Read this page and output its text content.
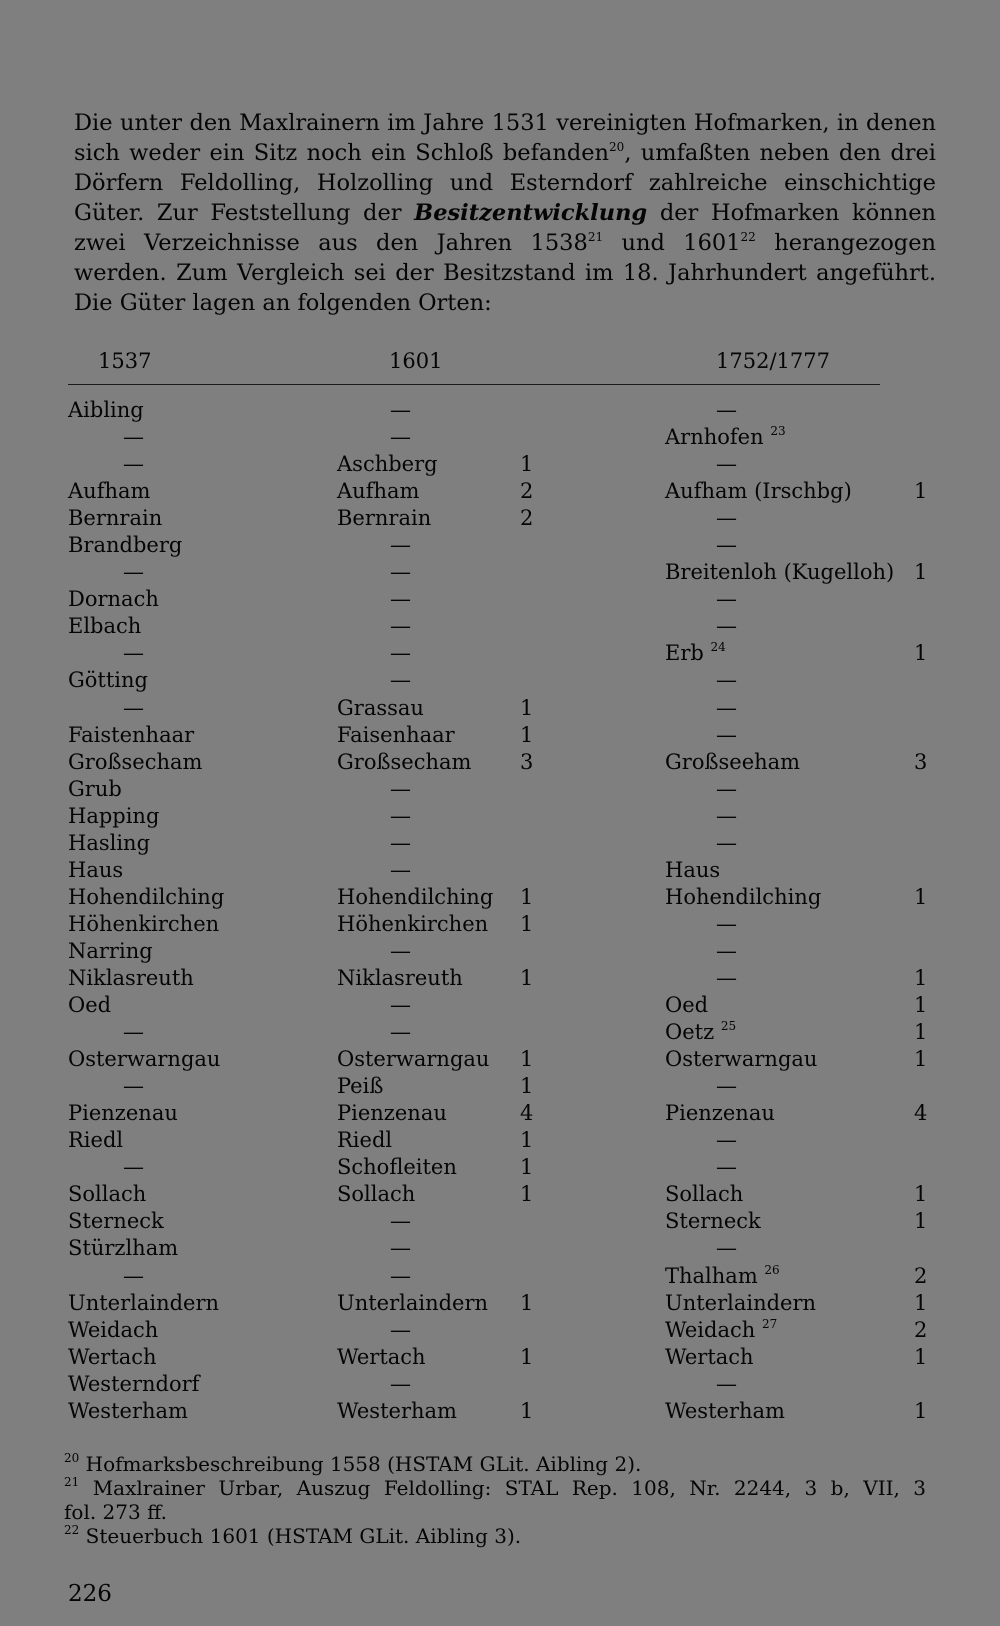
Die unter den Maxlrainern im Jahre 1531 vereinigten Hofmarken, in denen sich weder ein Sitz noch ein Schloß befanden$^{20}$, umfaßten neben den drei Dörfern Feldolling, Holzolling und Esterndorf zahlreiche einschichtige Güter. Zur Feststellung der Besitzentwicklung der Hofmarken können zwei Verzeichnisse aus den Jahren 1538$^{21}$ und 1601$^{22}$ herangezogen werden. Zum Vergleich sei der Besitzstand im 18. Jahrhundert angeführt. Die Güter lagen an folgenden Orten:

1537	1601	1752/1777
Aibling	—	—
—	—	Arnhofen $^{23}$
—	Aschberg	1	—
Aufham	Aufham	2	Aufham (Irschbg)	1
Bernrain	Bernrain	2	—
Brandberg	—	—
—	—	Breitenloh (Kugelloh) 1
Dornach	—	—
Elbach	—	—
—	—	Erb $^{24}$	1
Götting	—	—
—	Grassau	1	—
Faistenhaar	Faisenhaar	1	—
Großsecham	Großsecham 3	Großseeham	3
Grub	—	—
Happing	—	—
Hasling	—	—
Haus	—	Haus
Hohendilching	Hohendilching 1	Hohendilching	1
Höhenkirchen	Höhenkirchen 1	—
Narring	—	—
Niklasreuth	Niklasreuth	1	—	1
Oed	—	Oed	1
—	—	Oetz $^{25}$	1
Osterwarngau	Osterwarngau 1	Osterwarngau	1
—	Peiß	1	—
Pienzenau	Pienzenau	4	Pienzenau	4
Riedl	Riedl	1	—
—	Schofleiten	1	—
Sollach	Sollach	1	Sollach	1
Sterneck	—	Sterneck	1
Stürzlham	—	—
—	—	Thalham $^{26}$	2
Unterlaindern	Unterlaindern 1	Unterlaindern	1
Weidach	—	Weidach $^{27}$	2
Wertach	Wertach	1	Wertach	1
Westerndorf	—	—
Westerham	Westerham	1	Westerham	1

$^{20}$ Hofmarksbeschreibung 1558 (HSTAM GLit. Aibling 2).

$^{21}$ Maxlrainer Urbar, Auszug Feldolling: STAL Rep. 108, Nr. 2244, 3 b, VII, 3

fol. 273 ff.

$^{22}$ Steuerbuch 1601 (HSTAM GLit. Aibling 3).

226
